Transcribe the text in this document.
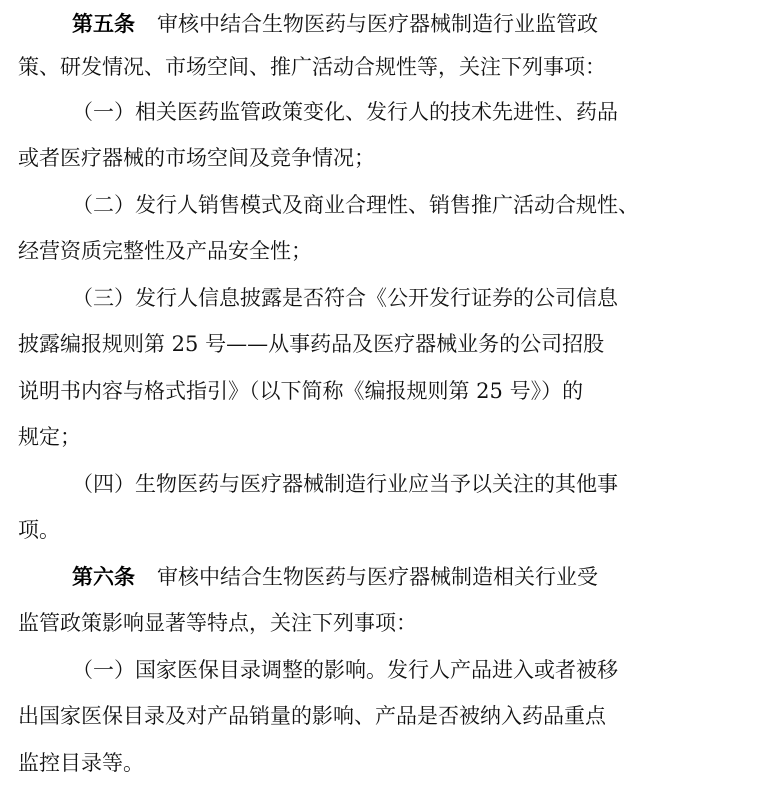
第五条 审核中结合生物医药与医疗器械制造行业监管政
策、研发情况、市场空间、推广活动合规性等，关注下列事项：
（一）相关医药监管政策变化、发行人的技术先进性、药品
或者医疗器械的市场空间及竞争情况；
（二）发行人销售模式及商业合理性、销售推广活动合规性、
经营资质完整性及产品安全性；
（三）发行人信息披露是否符合《公开发行证券的公司信息
披露编报规则第 25 号——从事药品及医疗器械业务的公司招股
说明书内容与格式指引》（以下简称《编报规则第 25 号》）的
规定；
（四）生物医药与医疗器械制造行业应当予以关注的其他事
项。
第六条 审核中结合生物医药与医疗器械制造相关行业受
监管政策影响显著等特点，关注下列事项：
（一）国家医保目录调整的影响。发行人产品进入或者被移
出国家医保目录及对产品销量的影响、产品是否被纳入药品重点
监控目录等。
